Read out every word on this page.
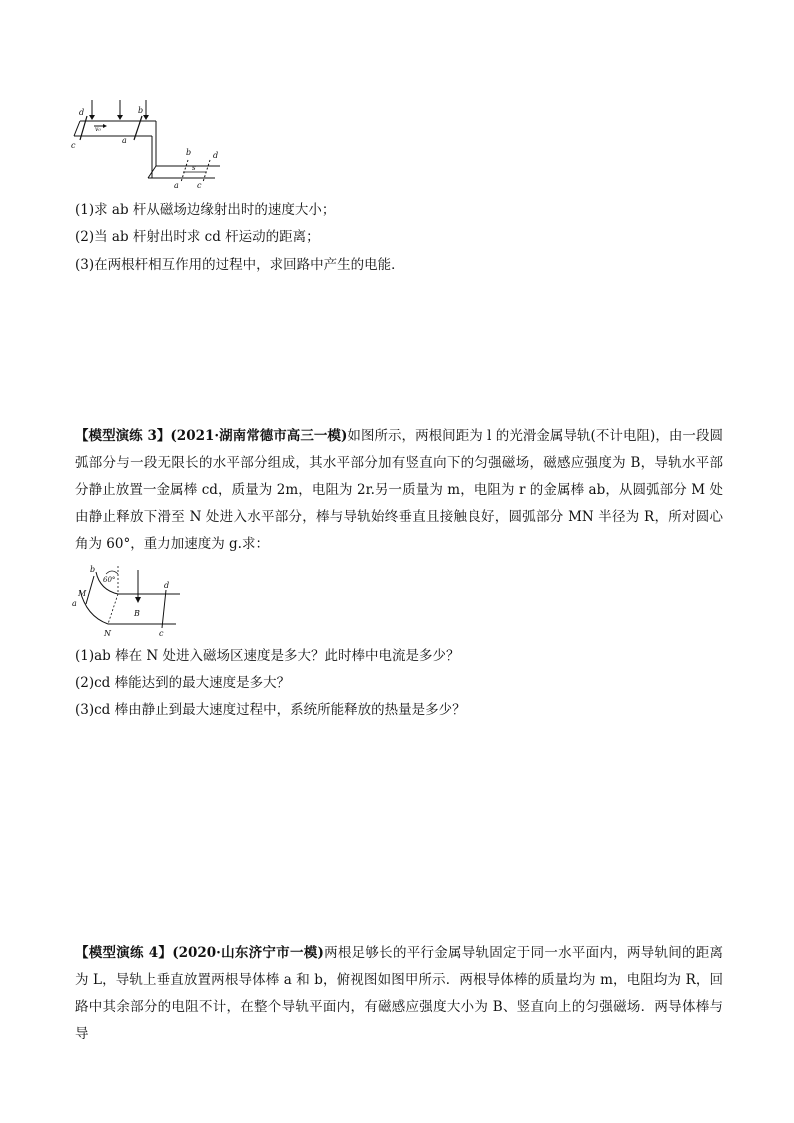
d	b
c
a
v₀
d
b
a c
s
(1)求 ab 杆从磁场边缘射出时的速度大小；
(2)当 ab 杆射出时求 cd 杆运动的距离；
(3)在两根杆相互作用的过程中，求回路中产生的电能．
【模型演练 3】(2021·湖南常德市高三一模)如图所示，两根间距为 l 的光滑金属导轨(不计电阻)，由一段圆弧部分与一段无限长的水平部分组成，其水平部分加有竖直向下的匀强磁场，磁感应强度为 B，导轨水平部分静止放置一金属棒 cd，质量为 2m，电阻为 2r.另一质量为 m，电阻为 r 的金属棒 ab，从圆弧部分 M 处由静止释放下滑至 N 处进入水平部分，棒与导轨始终垂直且接触良好，圆弧部分 MN 半径为 R，所对圆心角为 60°，重力加速度为 g.求：
b
60°
M
a
B
d
N	c
(1)ab 棒在 N 处进入磁场区速度是多大？此时棒中电流是多少？
(2)cd 棒能达到的最大速度是多大？
(3)cd 棒由静止到最大速度过程中，系统所能释放的热量是多少？
【模型演练 4】(2020·山东济宁市一模)两根足够长的平行金属导轨固定于同一水平面内，两导轨间的距离为 L，导轨上垂直放置两根导体棒 a 和 b，俯视图如图甲所示．两根导体棒的质量均为 m，电阻均为 R，回路中其余部分的电阻不计，在整个导轨平面内，有磁感应强度大小为 B、竖直向上的匀强磁场．两导体棒与导
